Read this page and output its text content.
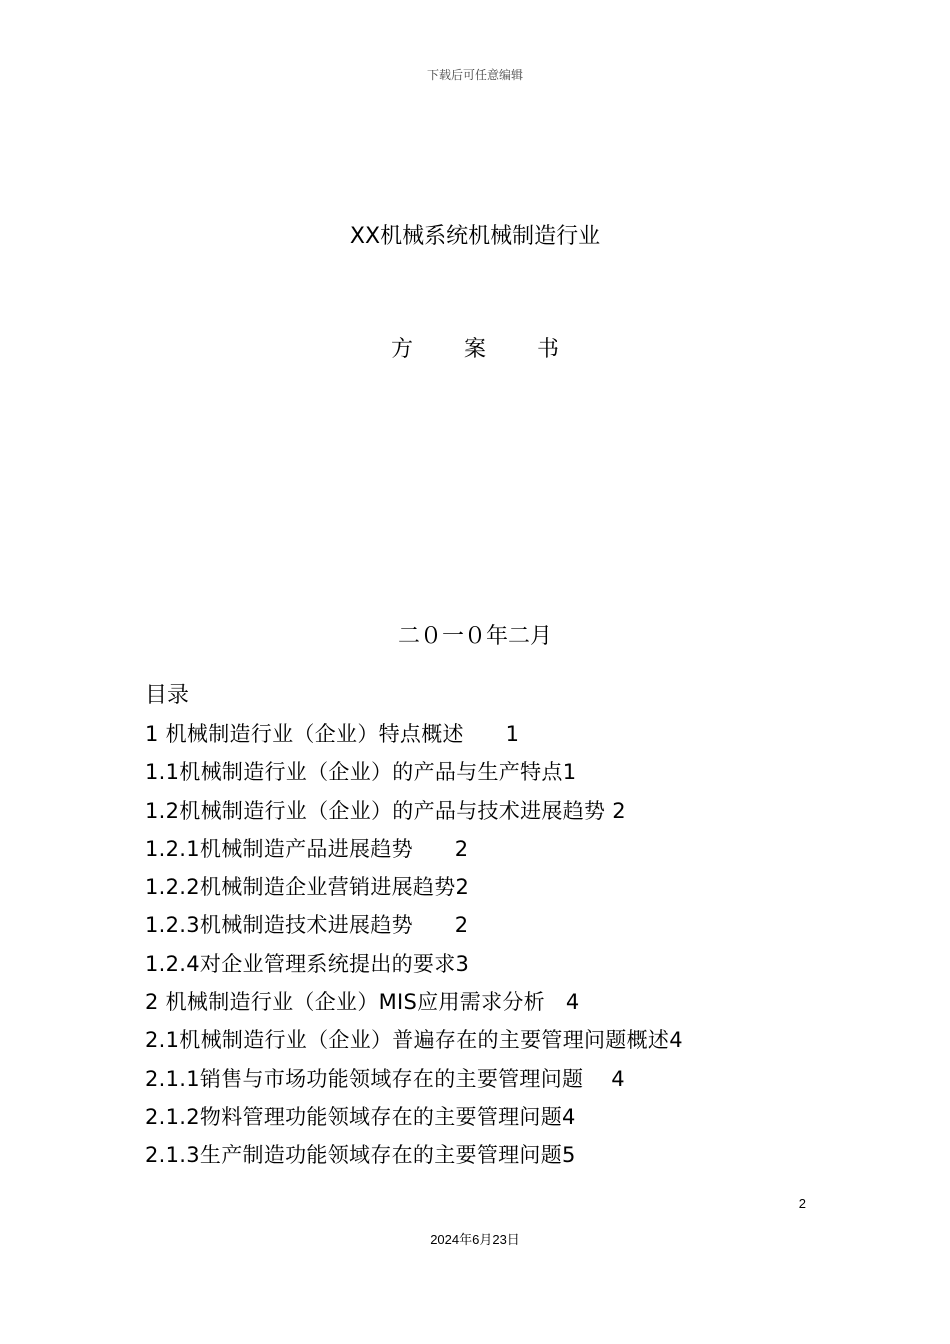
下载后可任意编辑
XX机械系统机械制造行业
方 案 书
二０一０年二月
目录
1 机械制造行业（企业）特点概述      1
1.1机械制造行业（企业）的产品与生产特点1
1.2机械制造行业（企业）的产品与技术进展趋势 2
1.2.1机械制造产品进展趋势      2
1.2.2机械制造企业营销进展趋势2
1.2.3机械制造技术进展趋势      2
1.2.4对企业管理系统提出的要求3
2 机械制造行业（企业）MIS应用需求分析   4
2.1机械制造行业（企业）普遍存在的主要管理问题概述4
2.1.1销售与市场功能领域存在的主要管理问题    4
2.1.2物料管理功能领域存在的主要管理问题4
2.1.3生产制造功能领域存在的主要管理问题5
2
2024年6月23日
